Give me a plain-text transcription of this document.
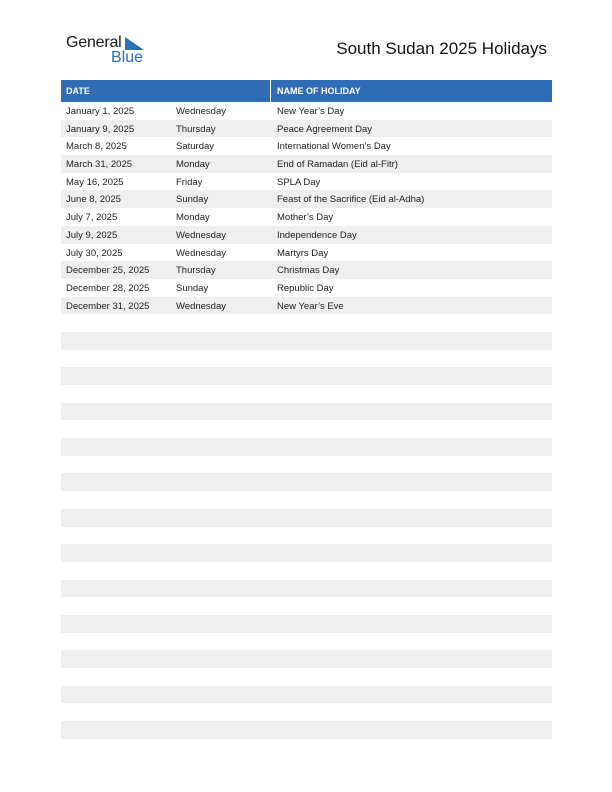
General
Blue	South Sudan 2025 Holidays
DATE	NAME OF HOLIDAY
January 1, 2025	Wednesday	New Year’s Day
January 9, 2025	Thursday	Peace Agreement Day
March 8, 2025	Saturday	International Women’s Day
March 31, 2025	Monday	End of Ramadan (Eid al-Fitr)
May 16, 2025	Friday	SPLA Day
June 8, 2025	Sunday	Feast of the Sacrifice (Eid al-Adha)
July 7, 2025	Monday	Mother’s Day
July 9, 2025	Wednesday	Independence Day
July 30, 2025	Wednesday	Martyrs Day
December 25, 2025	Thursday	Christmas Day
December 28, 2025	Sunday	Republic Day
December 31, 2025	Wednesday	New Year’s Eve
